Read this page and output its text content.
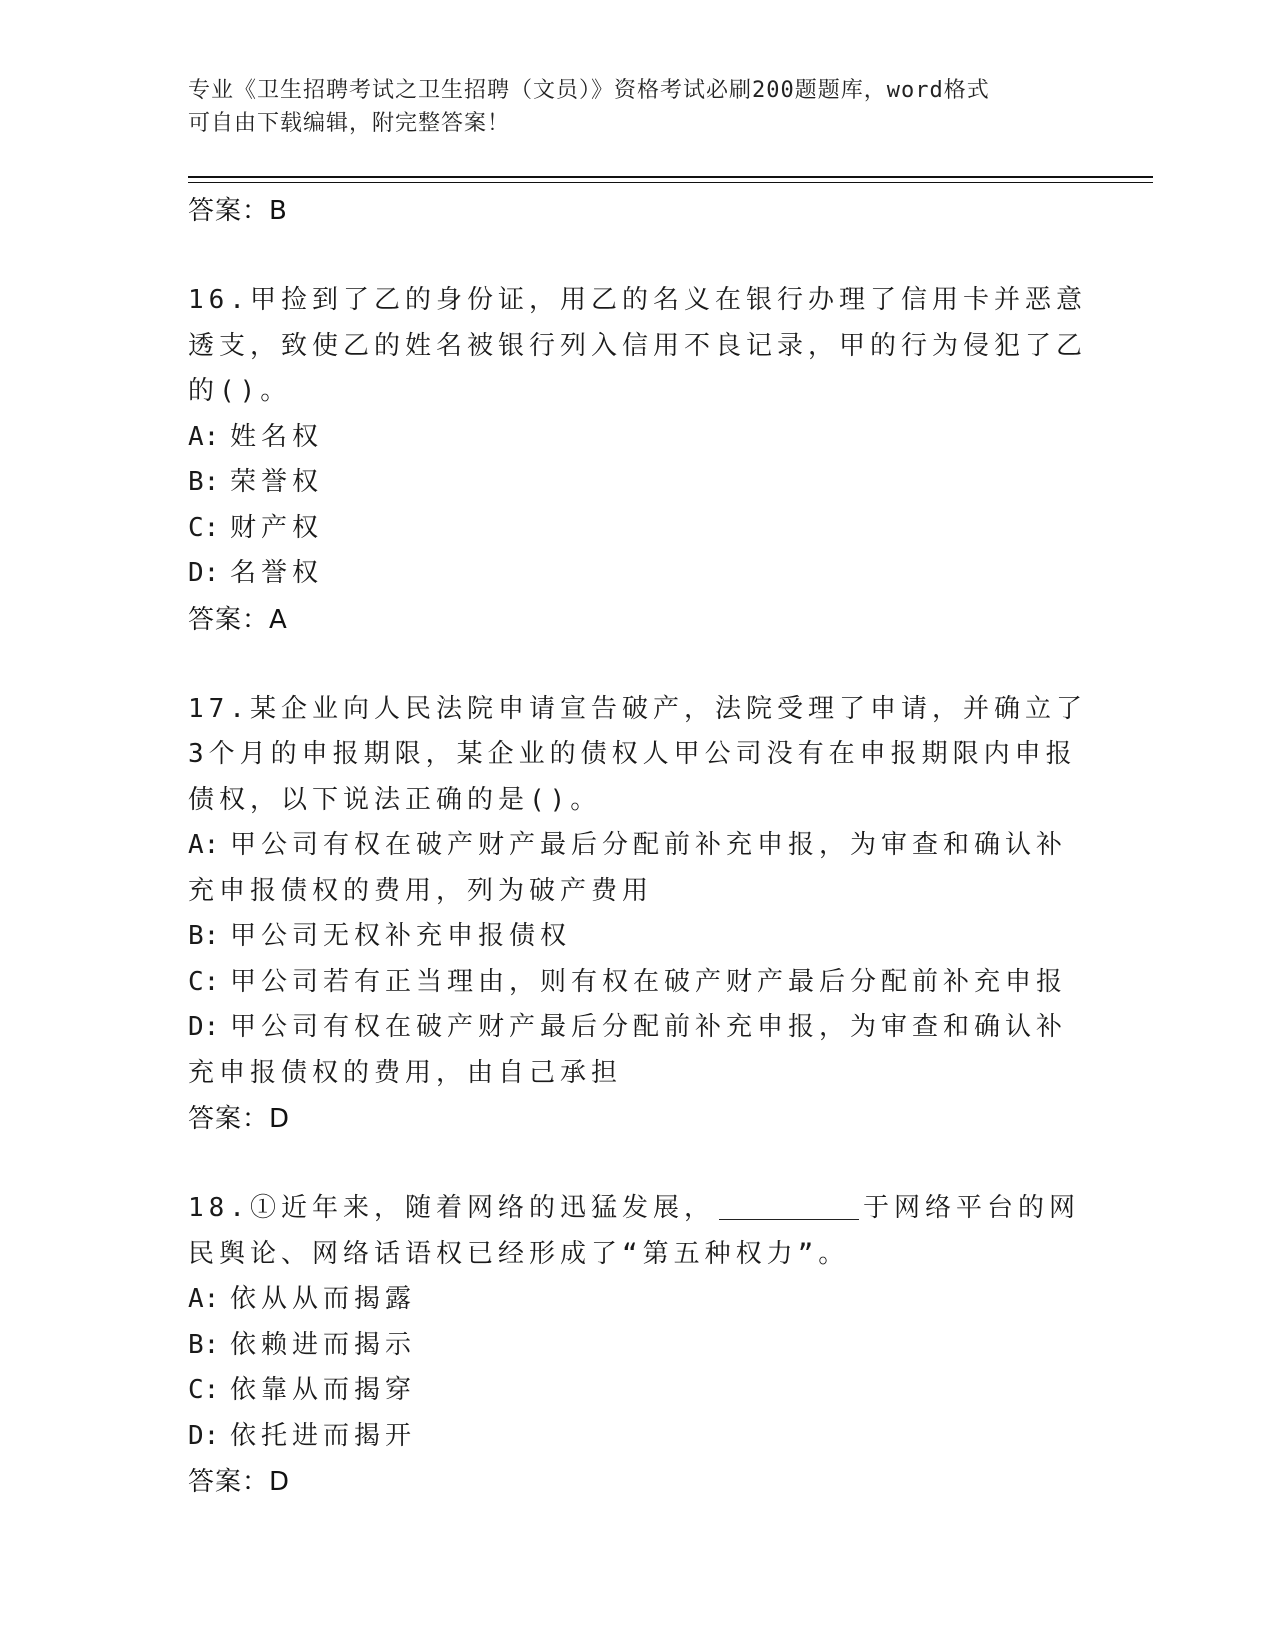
专业《卫生招聘考试之卫生招聘（文员）》资格考试必刷200题题库，word格式
可自由下载编辑，附完整答案！
答案：B
16.甲捡到了乙的身份证，用乙的名义在银行办理了信用卡并恶意透支，致使乙的姓名被银行列入信用不良记录，甲的行为侵犯了乙的()。
A: 姓名权
B: 荣誉权
C: 财产权
D: 名誉权
答案：A
17.某企业向人民法院申请宣告破产，法院受理了申请，并确立了3个月的申报期限，某企业的债权人甲公司没有在申报期限内申报债权，以下说法正确的是()。
A: 甲公司有权在破产财产最后分配前补充申报，为审查和确认补充申报债权的费用，列为破产费用
B: 甲公司无权补充申报债权
C: 甲公司若有正当理由，则有权在破产财产最后分配前补充申报
D: 甲公司有权在破产财产最后分配前补充申报，为审查和确认补充申报债权的费用，由自己承担
答案：D
18.①近年来，随着网络的迅猛发展，	于网络平台的网民舆论、网络话语权已经形成了“第五种权力”。
A: 依从从而揭露
B: 依赖进而揭示
C: 依靠从而揭穿
D: 依托进而揭开
答案：D
